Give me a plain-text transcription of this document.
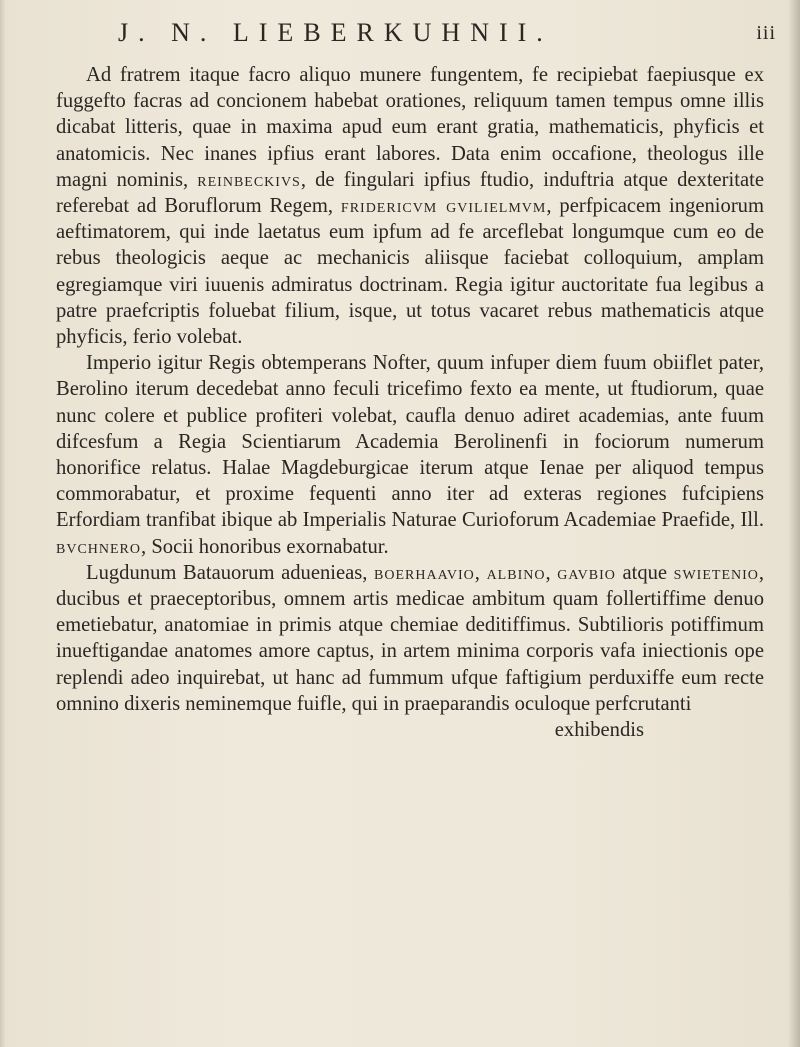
J. N. LIEBERKUHNII.	iii

Ad fratrem itaque facro aliquo munere fungentem, fe recipiebat faepiusque ex fuggefto facras ad concionem habebat orationes, reliquum tamen tempus omne illis dicabat litteris, quae in maxima apud eum erant gratia, mathematicis, phyficis et anatomicis. Nec inanes ipfius erant labores. Data enim occafione, theologus ille magni nominis, reinbeckivs, de fingulari ipfius ftudio, induftria atque dexteritate referebat ad Boruflorum Regem, fridericvm gvilielmvm, perfpicacem ingeniorum aeftimatorem, qui inde laetatus eum ipfum ad fe arceflebat longumque cum eo de rebus theologicis aeque ac mechanicis aliisque faciebat colloquium, amplam egregiamque viri iuuenis admiratus doctrinam. Regia igitur auctoritate fua legibus a patre praefcriptis foluebat filium, isque, ut totus vacaret rebus mathematicis atque phyficis, ferio volebat.

Imperio igitur Regis obtemperans Nofter, quum infuper diem fuum obiiflet pater, Berolino iterum decedebat anno feculi tricefimo fexto ea mente, ut ftudiorum, quae nunc colere et publice profiteri volebat, caufla denuo adiret academias, ante fuum difcesfum a Regia Scientiarum Academia Berolinenfi in fociorum numerum honorifice relatus. Halae Magdeburgicae iterum atque Ienae per aliquod tempus commorabatur, et proxime fequenti anno iter ad exteras regiones fufcipiens Erfordiam tranfibat ibique ab Imperialis Naturae Curioforum Academiae Praefide, Ill. bvchnero, Socii honoribus exornabatur.

Lugdunum Batauorum aduenieas, boerhaavio, albino, gavbio atque swietenio, ducibus et praeceptoribus, omnem artis medicae ambitum quam follertiffime denuo emetiebatur, anatomiae in primis atque chemiae deditiffimus. Subtilioris potiffimum inueftigandae anatomes amore captus, in artem minima corporis vafa iniectionis ope replendi adeo inquirebat, ut hanc ad fummum ufque faftigium perduxiffe eum recte omnino dixeris neminemque fuifle, qui in praeparandis oculoque perfcrutanti

exhibendis
